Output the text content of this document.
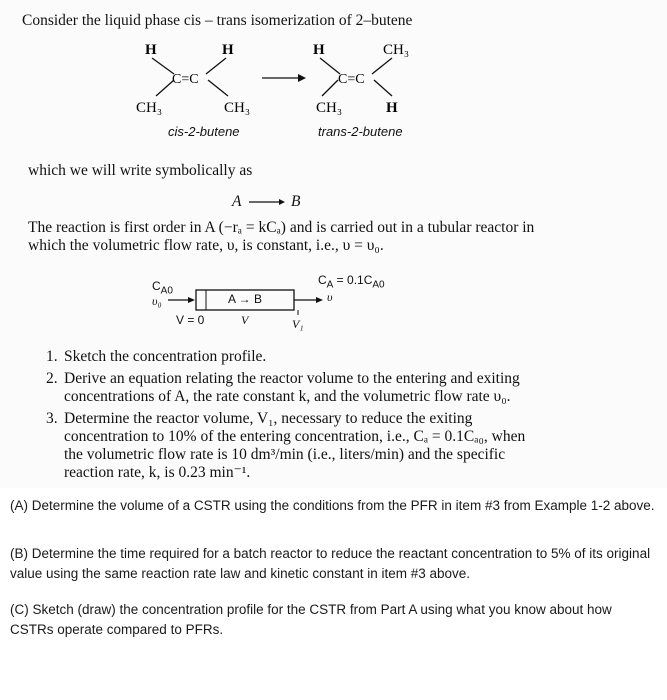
Consider the liquid phase cis – trans isomerization of 2–butene
H	H
C=C
CH₃	CH₃
H	CH₃
C=C
CH₃	H
cis-2-butene	trans-2-butene
which we will write symbolically as
A → B
The reaction is first order in A (−rₐ = kCₐ) and is carried out in a tubular reactor in which the volumetric flow rate, υ, is constant, i.e., υ = υ₀.
$C_{A0}$
υ₀	A → B
V = 0	V	V₁
$C_A = 0.1C_{A0}$
υ
1. Sketch the concentration profile.
2. Derive an equation relating the reactor volume to the entering and exiting concentrations of A, the rate constant k, and the volumetric flow rate υ₀.
3. Determine the reactor volume, V₁, necessary to reduce the exiting concentration to 10% of the entering concentration, i.e., Cₐ = 0.1Cₐ₀, when the volumetric flow rate is 10 dm³/min (i.e., liters/min) and the specific reaction rate, k, is 0.23 min⁻¹.
(A) Determine the volume of a CSTR using the conditions from the PFR in item #3 from Example 1-2 above.
(B) Determine the time required for a batch reactor to reduce the reactant concentration to 5% of its original value using the same reaction rate law and kinetic constant in item #3 above.
(C) Sketch (draw) the concentration profile for the CSTR from Part A using what you know about how CSTRs operate compared to PFRs.
